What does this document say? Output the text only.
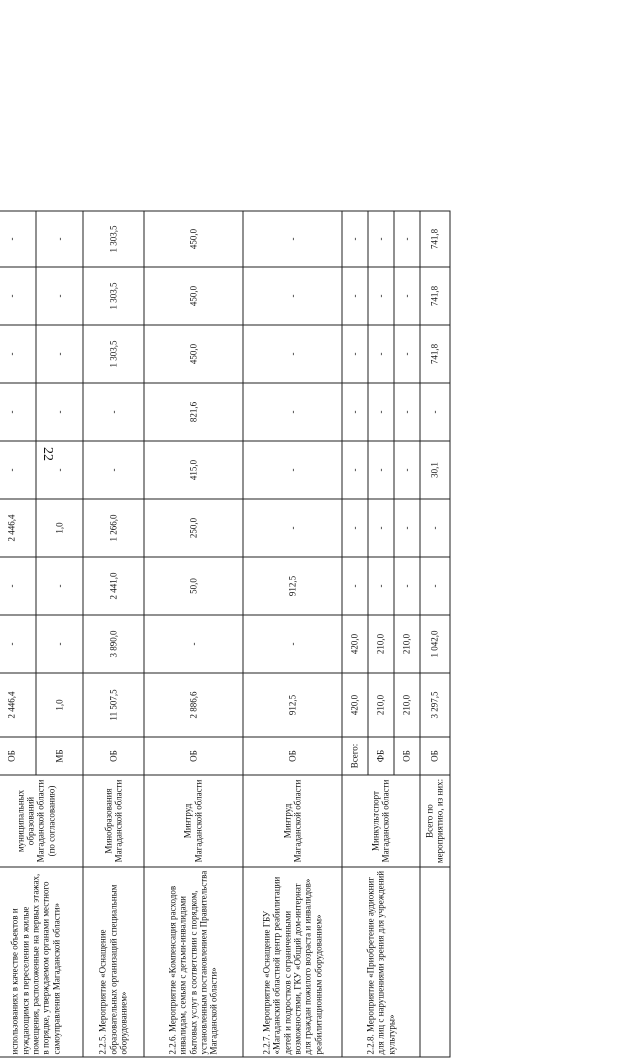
22

использованиях в качестве объектов и нуждающимся в переселении в жилые помещения, расположенные на первых этажах, в порядке, утверждаемом органами местного самоуправления Магаданской области»	муниципальных образований Магаданской области (по согласованию)	ОБ	2 446,4	-	-	2 446,4	-	-	-	-	-
		МБ	1,0	-	-	1,0	-	-	-	-	-
2.2.5. Мероприятие «Оснащение образовательных организаций специальным оборудованием»	Минобразования Магаданской области	ОБ	11 507,5	3 890,0	2 441,0	1 266,0	-	-	1 303,5	1 303,5	1 303,5
2.2.6. Мероприятие «Компенсация расходов инвалидам, семьям с детьми-инвалидами бытовых услуг в соответствии с порядком, установленным постановлением Правительства Магаданской области»	Минтруд Магаданской области	ОБ	2 886,6	-	50,0	250,0	415,0	821,6	450,0	450,0	450,0
2.2.7. Мероприятие «Оснащение ГБУ «Магаданский областной центр реабилитации детей и подростков с ограниченными возможностями, ГКУ «Общий дом-интернат для граждан пожилого возраста и инвалидов» реабилитационным оборудованием»	Минтруд Магаданской области	ОБ	912,5	-	912,5	-	-	-	-	-	-
2.2.8. Мероприятие «Приобретение аудиокниг для лиц с нарушениями зрения для учреждений культуры»	Минкультспорт Магаданской области	Всего:	420,0	420,0	-	-	-	-	-	-	-
		ФБ	210,0	210,0	-	-	-	-	-	-	-
		ОБ	210,0	210,0	-	-	-	-	-	-	-
	Всего по мероприятию, из них:	ОБ	3 297,5	1 042,0	-	-	30,1	-	741,8	741,8	741,8
